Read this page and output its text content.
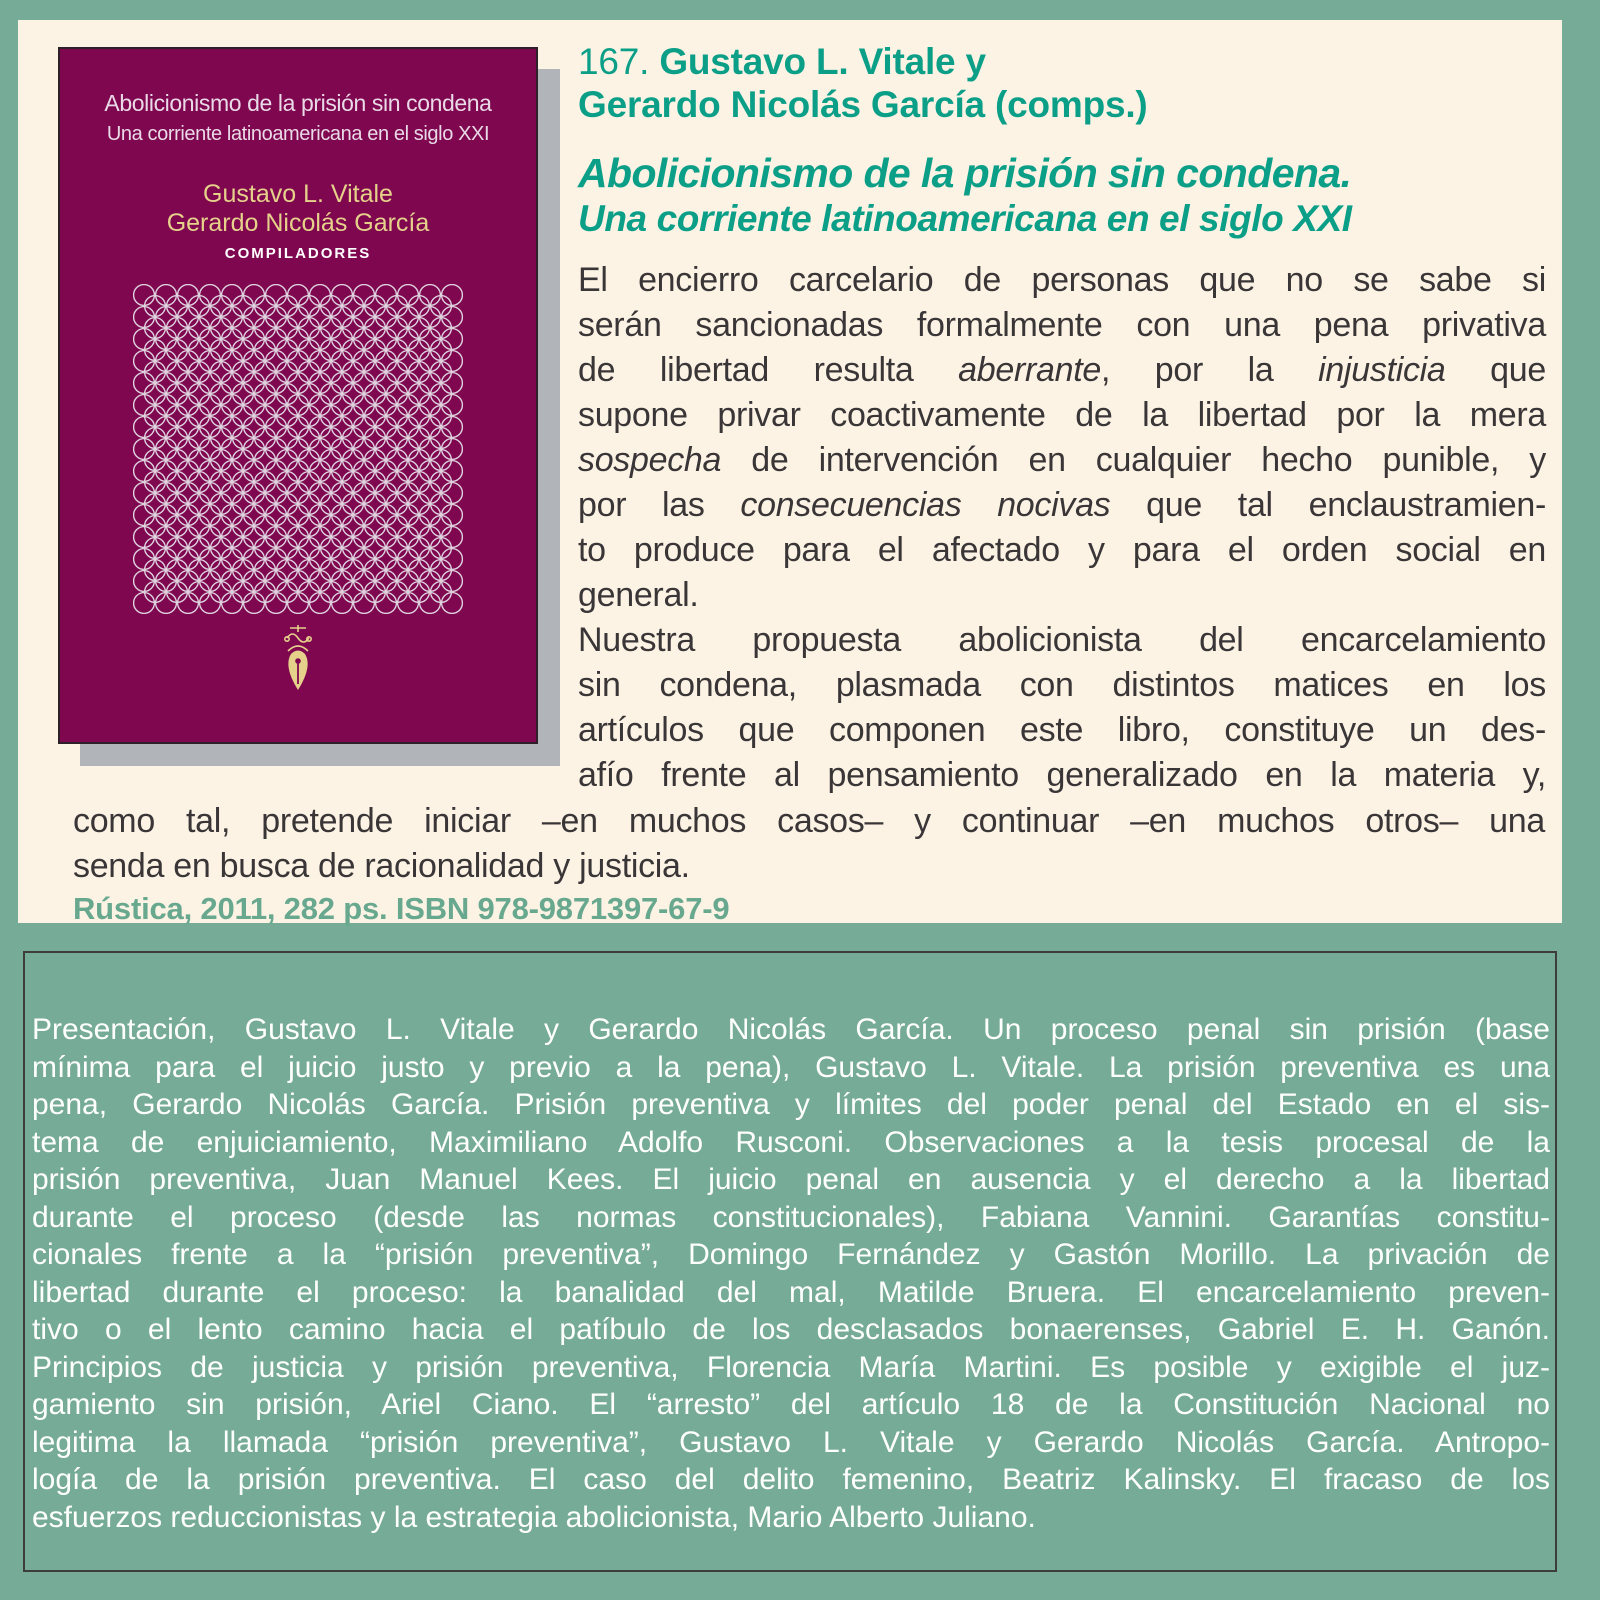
Abolicionismo de la prisión sin condena
Una corriente latinoamericana en el siglo XXI
Gustavo L. Vitale
Gerardo Nicolás García
COMPILADORES
167. Gustavo L. Vitale y
Gerardo Nicolás García (comps.)
Abolicionismo de la prisión sin condena.
Una corriente latinoamericana en el siglo XXI
El encierro carcelario de personas que no se sabe si
serán sancionadas formalmente con una pena privativa
de libertad resulta aberrante, por la injusticia que
supone privar coactivamente de la libertad por la mera
sospecha de intervención en cualquier hecho punible, y
por las consecuencias nocivas que tal enclaustramien-
to produce para el afectado y para el orden social en
general.
Nuestra propuesta abolicionista del encarcelamiento
sin condena, plasmada con distintos matices en los
artículos que componen este libro, constituye un des-
afío frente al pensamiento generalizado en la materia y,
como tal, pretende iniciar –en muchos casos– y continuar –en muchos otros– una
senda en busca de racionalidad y justicia.
Rústica, 2011, 282 ps. ISBN 978-9871397-67-9
Presentación, Gustavo L. Vitale y Gerardo Nicolás García. Un proceso penal sin prisión (base
mínima para el juicio justo y previo a la pena), Gustavo L. Vitale. La prisión preventiva es una
pena, Gerardo Nicolás García. Prisión preventiva y límites del poder penal del Estado en el sis-
tema de enjuiciamiento, Maximiliano Adolfo Rusconi. Observaciones a la tesis procesal de la
prisión preventiva, Juan Manuel Kees. El juicio penal en ausencia y el derecho a la libertad
durante el proceso (desde las normas constitucionales), Fabiana Vannini. Garantías constitu-
cionales frente a la “prisión preventiva”, Domingo Fernández y Gastón Morillo. La privación de
libertad durante el proceso: la banalidad del mal, Matilde Bruera. El encarcelamiento preven-
tivo o el lento camino hacia el patíbulo de los desclasados bonaerenses, Gabriel E. H. Ganón.
Principios de justicia y prisión preventiva, Florencia María Martini. Es posible y exigible el juz-
gamiento sin prisión, Ariel Ciano. El “arresto” del artículo 18 de la Constitución Nacional no
legitima la llamada “prisión preventiva”, Gustavo L. Vitale y Gerardo Nicolás García. Antropo-
logía de la prisión preventiva. El caso del delito femenino, Beatriz Kalinsky. El fracaso de los
esfuerzos reduccionistas y la estrategia abolicionista, Mario Alberto Juliano.
